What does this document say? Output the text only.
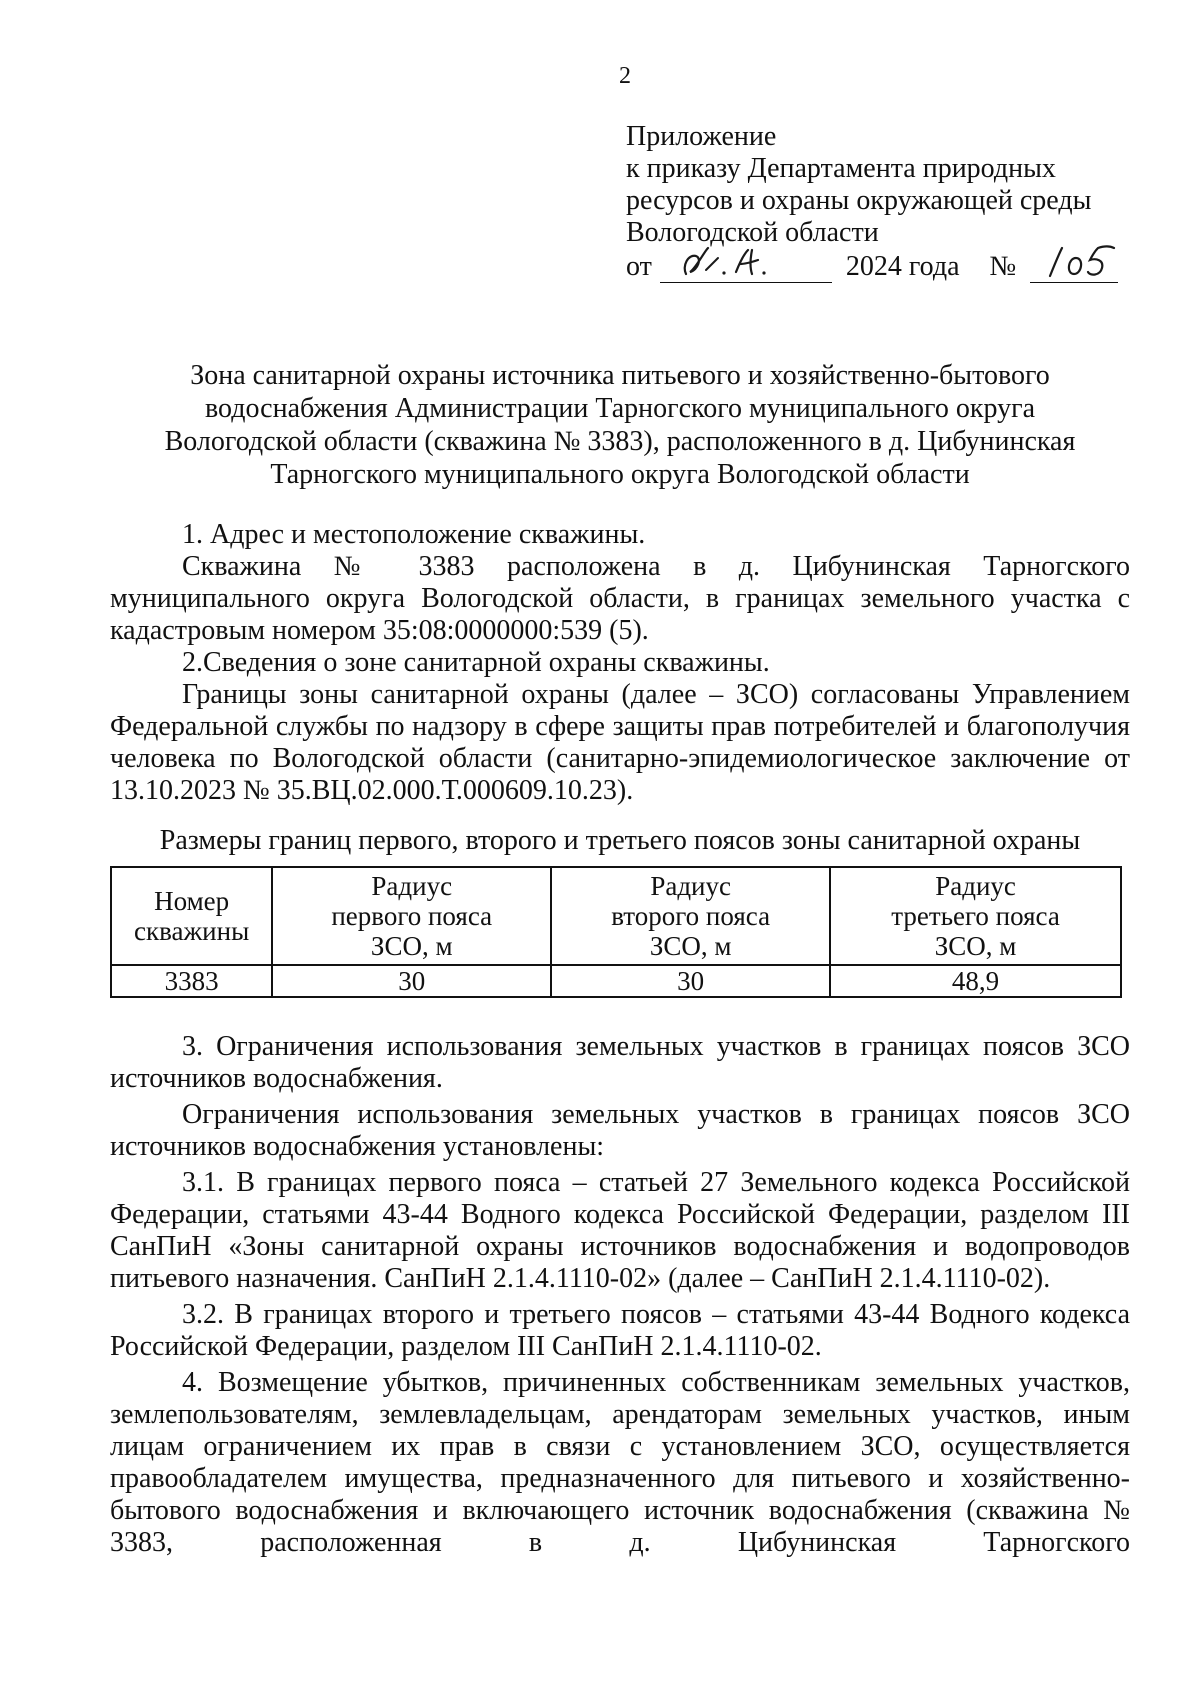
2
Приложение
к приказу Департамента природных
ресурсов и охраны окружающей среды
Вологодской области
от	2024 года №
Зона санитарной охраны источника питьевого и хозяйственно-бытового
водоснабжения Администрации Тарногского муниципального округа
Вологодской области (скважина № 3383), расположенного в д. Цибунинская
Тарногского муниципального округа Вологодской области

1. Адрес и местоположение скважины.

Скважина № 3383 расположена в д. Цибунинская Тарногского муниципального округа Вологодской области, в границах земельного участка с кадастровым номером 35:08:0000000:539 (5).

2.Сведения о зоне санитарной охраны скважины.

Границы зоны санитарной охраны (далее – ЗСО) согласованы Управлением Федеральной службы по надзору в сфере защиты прав потребителей и благополучия человека по Вологодской области (санитарно-эпидемиологическое заключение от 13.10.2023 № 35.ВЦ.02.000.Т.000609.10.23).

Размеры границ первого, второго и третьего поясов зоны санитарной охраны
Номер
скважины	Радиус
первого пояса
ЗСО, м	Радиус
второго пояса
ЗСО, м	Радиус
третьего пояса
ЗСО, м
3383	30	30	48,9

3. Ограничения использования земельных участков в границах поясов ЗСО источников водоснабжения.

Ограничения использования земельных участков в границах поясов ЗСО источников водоснабжения установлены:

3.1. В границах первого пояса – статьей 27 Земельного кодекса Российской Федерации, статьями 43-44 Водного кодекса Российской Федерации, разделом III СанПиН «Зоны санитарной охраны источников водоснабжения и водопроводов питьевого назначения. СанПиН 2.1.4.1110-02» (далее – СанПиН 2.1.4.1110-02).

3.2. В границах второго и третьего поясов – статьями 43-44 Водного кодекса Российской Федерации, разделом III СанПиН 2.1.4.1110-02.

4. Возмещение убытков, причиненных собственникам земельных участков, землепользователям, землевладельцам, арендаторам земельных участков, иным лицам ограничением их прав в связи с установлением ЗСО, осуществляется правообладателем имущества, предназначенного для питьевого и хозяйственно-бытового водоснабжения и включающего источник водоснабжения (скважина № 3383, расположенная в д. Цибунинская Тарногского
